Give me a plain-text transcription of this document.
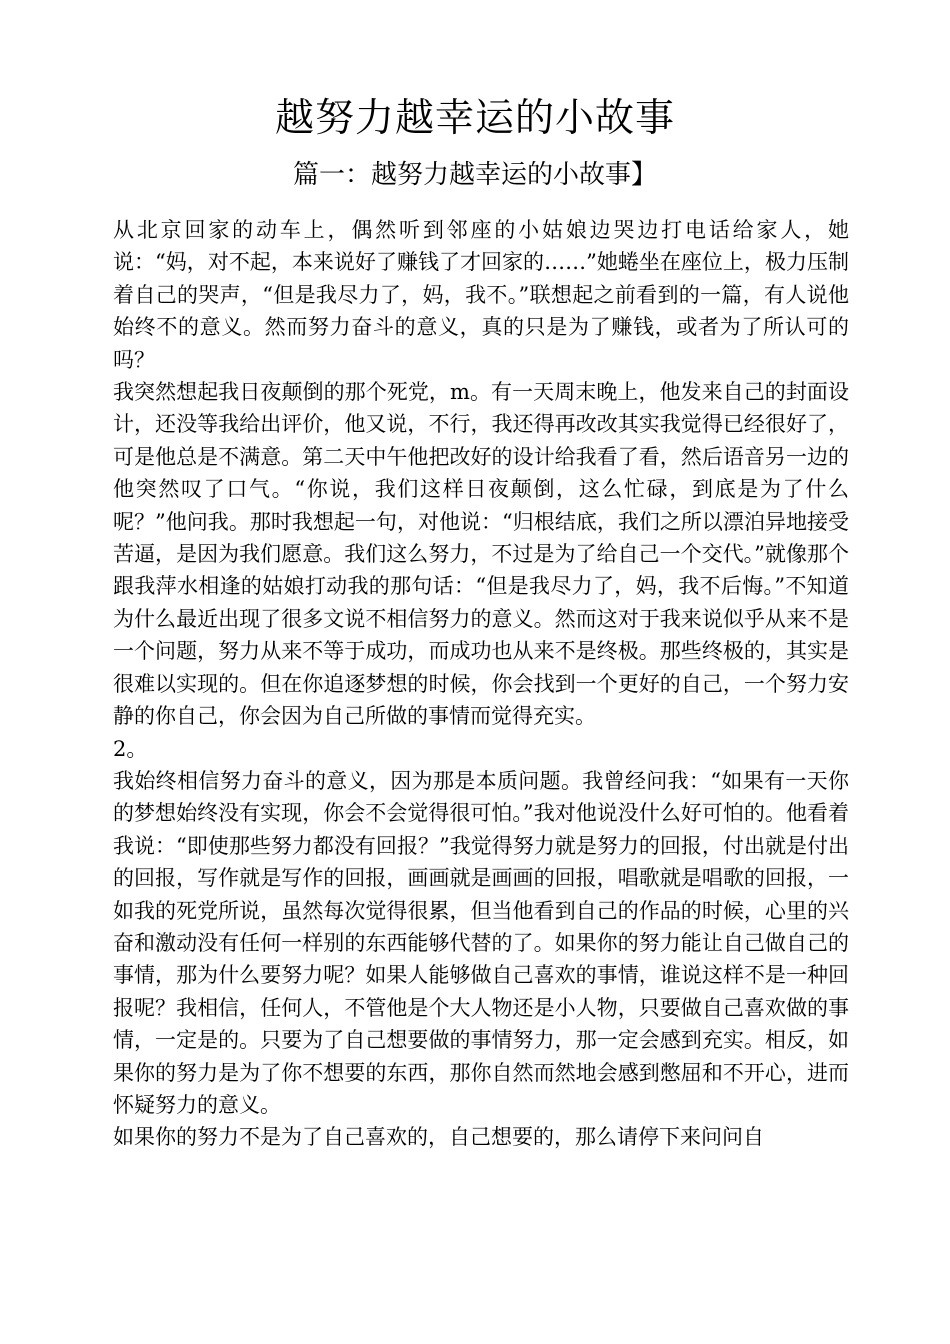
越努力越幸运的小故事
篇一：越努力越幸运的小故事】

从北京回家的动车上，偶然听到邻座的小姑娘边哭边打电话给家人，她说：“妈，对不起，本来说好了赚钱了才回家的……”她蜷坐在座位上，极力压制着自己的哭声，“但是我尽力了，妈，我不。”联想起之前看到的一篇，有人说他始终不的意义。然而努力奋斗的意义，真的只是为了赚钱，或者为了所认可的吗？

我突然想起我日夜颠倒的那个死党，m。有一天周末晚上，他发来自己的封面设计，还没等我给出评价，他又说，不行，我还得再改改其实我觉得已经很好了，可是他总是不满意。第二天中午他把改好的设计给我看了看，然后语音另一边的他突然叹了口气。“你说，我们这样日夜颠倒，这么忙碌，到底是为了什么呢？”他问我。那时我想起一句，对他说：“归根结底，我们之所以漂泊异地接受苦逼，是因为我们愿意。我们这么努力，不过是为了给自己一个交代。”就像那个跟我萍水相逢的姑娘打动我的那句话：“但是我尽力了，妈，我不后悔。”不知道为什么最近出现了很多文说不相信努力的意义。然而这对于我来说似乎从来不是一个问题，努力从来不等于成功，而成功也从来不是终极。那些终极的，其实是很难以实现的。但在你追逐梦想的时候，你会找到一个更好的自己，一个努力安静的你自己，你会因为自己所做的事情而觉得充实。

2。

我始终相信努力奋斗的意义，因为那是本质问题。我曾经问我：“如果有一天你的梦想始终没有实现，你会不会觉得很可怕。”我对他说没什么好可怕的。他看着我说：“即使那些努力都没有回报？”我觉得努力就是努力的回报，付出就是付出的回报，写作就是写作的回报，画画就是画画的回报，唱歌就是唱歌的回报，一如我的死党所说，虽然每次觉得很累，但当他看到自己的作品的时候，心里的兴奋和激动没有任何一样别的东西能够代替的了。如果你的努力能让自己做自己的事情，那为什么要努力呢？如果人能够做自己喜欢的事情，谁说这样不是一种回报呢？我相信，任何人，不管他是个大人物还是小人物，只要做自己喜欢做的事情，一定是的。只要为了自己想要做的事情努力，那一定会感到充实。相反，如果你的努力是为了你不想要的东西，那你自然而然地会感到憋屈和不开心，进而怀疑努力的意义。

如果你的努力不是为了自己喜欢的，自己想要的，那么请停下来问问自
